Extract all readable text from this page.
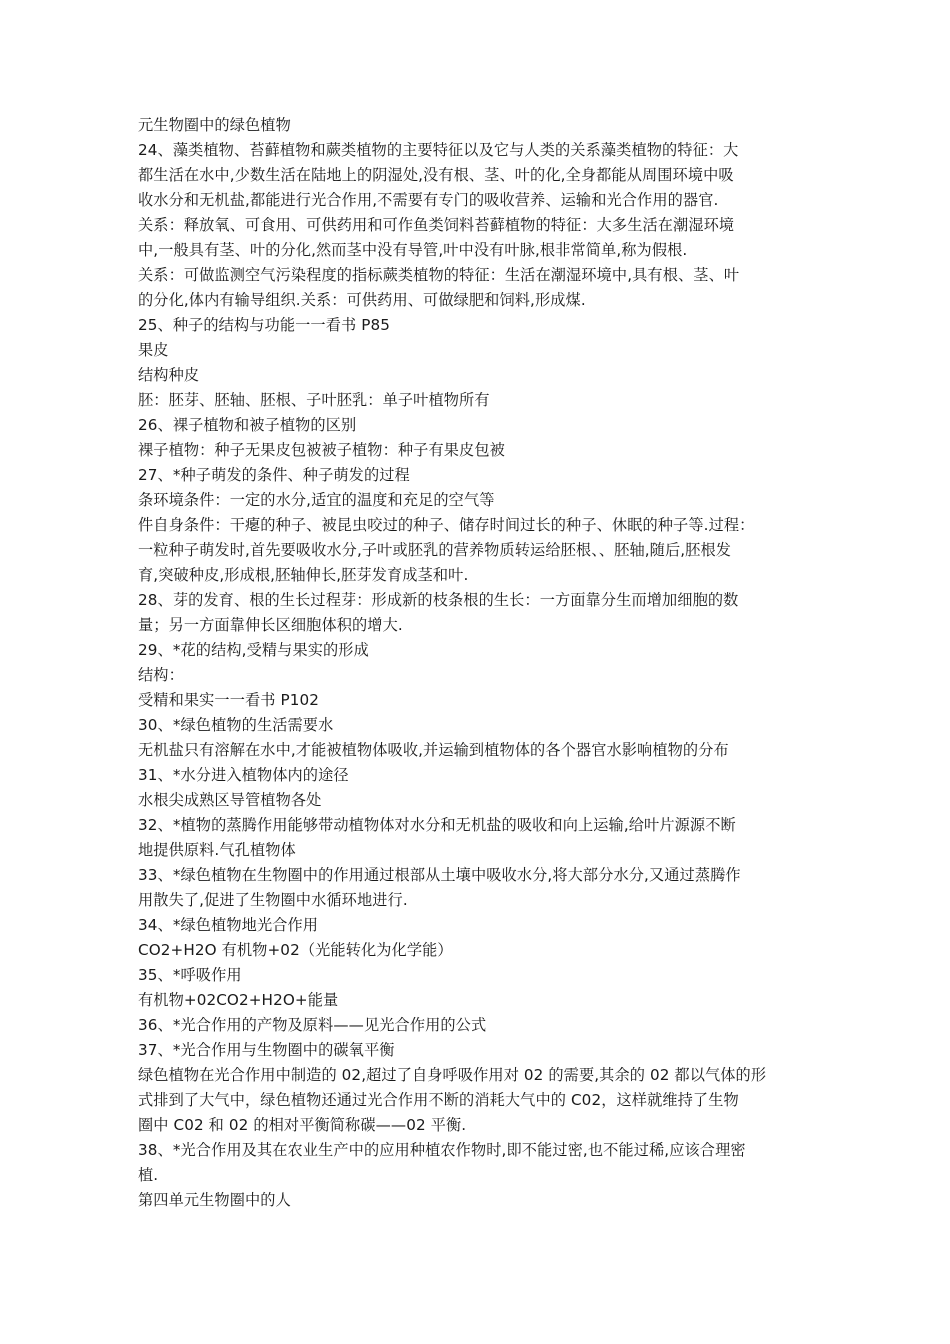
元生物圈中的绿色植物
24、藻类植物、苔藓植物和蕨类植物的主要特征以及它与人类的关系藻类植物的特征：大
都生活在水中,少数生活在陆地上的阴湿处,没有根、茎、叶的化,全身都能从周围环境中吸
收水分和无机盐,都能进行光合作用,不需要有专门的吸收营养、运输和光合作用的器官.
关系：释放氧、可食用、可供药用和可作鱼类饲料苔藓植物的特征：大多生活在潮湿环境
中,一般具有茎、叶的分化,然而茎中没有导管,叶中没有叶脉,根非常简单,称为假根.
关系：可做监测空气污染程度的指标蕨类植物的特征：生活在潮湿环境中,具有根、茎、叶
的分化,体内有输导组织.关系：可供药用、可做绿肥和饲料,形成煤.
25、种子的结构与功能一一看书 P85
果皮
结构种皮
胚：胚芽、胚轴、胚根、子叶胚乳：单子叶植物所有
26、裸子植物和被子植物的区别
裸子植物：种子无果皮包被被子植物：种子有果皮包被
27、*种子萌发的条件、种子萌发的过程
条环境条件：一定的水分,适宜的温度和充足的空气等
件自身条件：干瘪的种子、被昆虫咬过的种子、储存时间过长的种子、休眠的种子等.过程：
一粒种子萌发时,首先要吸收水分,子叶或胚乳的营养物质转运给胚根、、胚轴,随后,胚根发
育,突破种皮,形成根,胚轴伸长,胚芽发育成茎和叶.
28、芽的发育、根的生长过程芽：形成新的枝条根的生长：一方面靠分生而增加细胞的数
量；另一方面靠伸长区细胞体积的增大.
29、*花的结构,受精与果实的形成
结构：
受精和果实一一看书 P102
30、*绿色植物的生活需要水
无机盐只有溶解在水中,才能被植物体吸收,并运输到植物体的各个器官水影响植物的分布
31、*水分进入植物体内的途径
水根尖成熟区导管植物各处
32、*植物的蒸腾作用能够带动植物体对水分和无机盐的吸收和向上运输,给叶片源源不断
地提供原料.气孔植物体
33、*绿色植物在生物圈中的作用通过根部从土壤中吸收水分,将大部分水分,又通过蒸腾作
用散失了,促进了生物圈中水循环地进行.
34、*绿色植物地光合作用
CO2+H2O 有机物+02（光能转化为化学能）
35、*呼吸作用
有机物+02CO2+H2O+能量
36、*光合作用的产物及原料——见光合作用的公式
37、*光合作用与生物圈中的碳氧平衡
绿色植物在光合作用中制造的 02,超过了自身呼吸作用对 02 的需要,其余的 02 都以气体的形
式排到了大气中，绿色植物还通过光合作用不断的消耗大气中的 C02，这样就维持了生物
圈中 C02 和 02 的相对平衡简称碳——02 平衡.
38、*光合作用及其在农业生产中的应用种植农作物时,即不能过密,也不能过稀,应该合理密
植.
第四单元生物圈中的人
